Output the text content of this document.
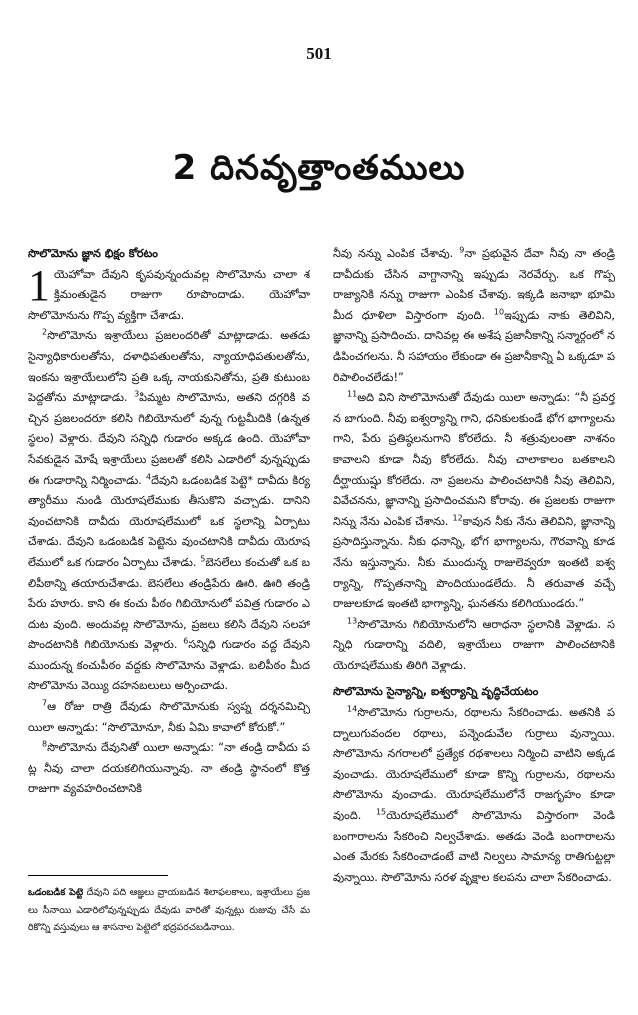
501
2 దినవృత్తాంతములు

సొలొమోను జ్ఞాన భిక్షం కోరటం

1 యెహోవా దేవుని కృపవున్నందువల్ల సొలొమోను చాలా శక్తిమంతుడైన రాజుగా రూపొందాడు. యెహోవా సొలొమోనును గొప్ప వ్యక్తిగా చేశాడు.

$^2$సొలొమోను ఇశ్రాయేలు ప్రజలందరితో మాట్లాడాడు. అతడు సైన్యాధికారులతోను, దళాధిపతులతోను, న్యాయాధిపతులతోను, ఇంకను ఇశ్రాయేలులోని ప్రతి ఒక్క నాయకునితోను, ప్రతి కుటుంబ పెద్దతోను మాట్లాడాడు. $^3$పిమ్మట సొలొమోను, అతని దగ్గరికి వచ్చిన ప్రజలందరూ కలిసి గిబియోనులో వున్న గుట్టమీదికి (ఉన్నత స్థలం) వెళ్లారు. దేవుని సన్నిధి గుడారం అక్కడ ఉంది. యెహోవా సేవకుడైన మోషే ఇశ్రాయేలు ప్రజలతో కలిసి ఎడారిలో వున్నప్పుడు ఈ గుడారాన్ని నిర్మించాడు. $^4$దేవుని ఒడంబడిక పెట్టె* దావీదు కిర్యత్యారీము నుండి యెరూషలేముకు తీసుకొని వచ్చాడు. దానిని వుంచటానికి దావీదు యెరూషలేములో ఒక స్థలాన్ని ఏర్పాటు చేశాడు. దేవుని ఒడంబడిక పెట్టెను వుంచటానికి దావీదు యెరూషలేములో ఒక గుడారం ఏర్పాటు చేశాడు. $^5$బెసలేలు కంచుతో ఒక బలిపీఠాన్ని తయారుచేశాడు. బెసలేలు తండ్రిపేరు ఊరి. ఊరి తండ్రి పేరు హూరు. కాని ఈ కంచు పీఠం గిబియోనులో పవిత్ర గుడారం ఎదుట వుంది. అందువల్ల సొలొమోను, ప్రజలు కలిసి దేవుని సలహా పొందటానికి గిబియోనుకు వెళ్లారు. $^6$సన్నిధి గుడారం వద్ద దేవుని ముందున్న కంచుపీఠం వద్దకు సొలొమోను వెళ్లాడు. బలిపీఠం మీద సొలొమోను వెయ్యి దహనబలులు అర్పించాడు.

$^7$ఆ రోజు రాత్రి దేవుడు సొలొమోనుకు స్వప్న దర్శనమిచ్చి యిలా అన్నాడు: “సొలొమోనూ, నీకు ఏమి కావాలో కోరుకో.”

$^8$సొలొమోను దేవునితో యిలా అన్నాడు: “నా తండ్రి దావీదు పట్ల నీవు చాలా దయకలిగియున్నావు. నా తండ్రి స్థానంలో కొత్త రాజుగా వ్యవహరించటానికి

ఒడంబడిక పెట్టె దేవుని పది ఆజ్ఞలు వ్రాయబడిన శిలాఫలకాలు, ఇశ్రాయేలు ప్రజలు సీనాయి ఎడారిలోవున్నప్పుడు దేవుడు వారితో వున్నట్లు రుజువు చేసే మరికొన్ని వస్తువులు ఆ శాసనాల పెట్టెలో భద్రపరచబడినాయి.

నీవు నన్ను ఎంపిక చేశావు. $^9$నా ప్రభువైన దేవా నీవు నా తండ్రి దావీదుకు చేసిన వాగ్దానాన్ని ఇప్పుడు నెరవేర్చు. ఒక గొప్ప రాజ్యానికి నన్ను రాజుగా ఎంపిక చేశావు. ఇక్కడి జనాభా భూమి మీద ధూళిలా విస్తారంగా వుంది. $^{10}$ఇప్పుడు నాకు తెలివిని, జ్ఞానాన్ని ప్రసాదించు. దానివల్ల ఈ అశేష ప్రజానీకాన్ని సన్మార్గంలో నడిపించగలను. నీ సహాయం లేకుండా ఈ ప్రజానీకాన్ని ఏ ఒక్కడూ పరిపాలించలేడు!”

$^{11}$అది విని సొలొమోనుతో దేవుడు యిలా అన్నాడు: “నీ ప్రవర్తన బాగుంది. నీవు ఐశ్వర్యాన్ని గాని, ధనికులకుండే భోగ భాగ్యాలను గాని, పేరు ప్రతిష్ఠలనుగాని కోరలేదు. నీ శత్రువులంతా నాశనం కావాలని కూడా నీవు కోరలేదు. నీవు చాలాకాలం బతకాలని దీర్ఘాయుష్షు కోరలేదు. నా ప్రజలను పాలించటానికి నీవు తెలివిని, వివేచనను, జ్ఞానాన్ని ప్రసాదించమని కోరావు. ఈ ప్రజలకు రాజుగా నిన్ను నేను ఎంపిక చేశాను. $^{12}$కావున నీకు నేను తెలివిని, జ్ఞానాన్ని ప్రసాదిస్తున్నాను. నీకు ధనాన్ని, భోగ భాగ్యాలను, గౌరవాన్ని కూడ నేను ఇస్తున్నాను. నీకు ముందున్న రాజులెవ్వరూ ఇంతటి ఐశ్వర్యాన్ని, గొప్పతనాన్ని పొందియుండలేదు. నీ తరువాత వచ్చే రాజులకూడ ఇంతటి భాగ్యాన్ని, ఘనతను కలిగియుండరు.”

$^{13}$సొలొమోను గిబియోనులోని ఆరాధనా స్థలానికి వెళ్లాడు. సన్నిధి గుడారాన్ని వదిలి, ఇశ్రాయేలు రాజుగా పాలించటానికి యెరూషలేముకు తిరిగి వెళ్లాడు.

సొలొమోను సైన్యాన్ని, ఐశ్వర్యాన్ని వృద్ధిచేయటం

$^{14}$సొలొమోను గుర్రాలను, రథాలను సేకరించాడు. అతనికి పద్నాలుగువందల రథాలు, పన్నెండువేల గుర్రాలు వున్నాయి. సొలొమోను నగరాలలో ప్రత్యేక రథశాలలు నిర్మించి వాటిని అక్కడ వుంచాడు. యెరూషలేములో కూడా కొన్ని గుర్రాలను, రథాలను సొలొమోను వుంచాడు. యెరూషలేములోనే రాజగృహం కూడా వుంది. $^{15}$యెరూషలేములో సొలొమోను విస్తారంగా వెండి బంగారాలను సేకరించి నిల్వచేశాడు. అతడు వెండి బంగారాలను ఎంత మేరకు సేకరించాడంటే వాటి నిల్వలు సామాన్య రాతిగుట్టల్లా వున్నాయి. సొలొమోను సరళ వృక్షాల కలపను చాలా సేకరించాడు.
